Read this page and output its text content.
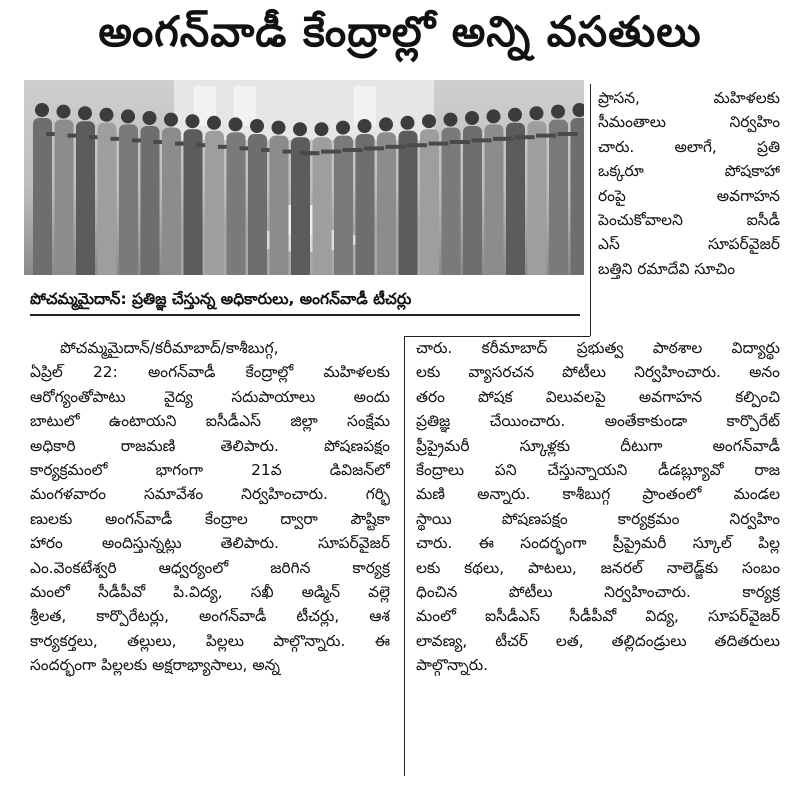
అంగన్‌వాడీ కేంద్రాల్లో అన్ని వసతులు
పోచమ్మమైదాన్: ప్రతిజ్ఞ చేస్తున్న అధికారులు, అంగన్‌వాడీ టీచర్లు
ప్రాసన, మహిళలకు
సీమంతాలు నిర్వహిం
చారు. అలాగే, ప్రతి
ఒక్కరూ పోషకాహా
రంపై అవగాహన
పెంచుకోవాలని ఐసీడీ
ఎస్ సూపర్‌వైజర్
బత్తిని రమాదేవి సూచిం
పోచమ్మమైదాన్/కరీమాబాద్/కాశీబుగ్గ,
ఏప్రిల్ 22: అంగన్‌వాడీ కేంద్రాల్లో మహిళలకు
ఆరోగ్యంతోపాటు వైద్య సదుపాయాలు అందు
బాటులో ఉంటాయని ఐసీడీఎస్ జిల్లా సంక్షేమ
అధికారి రాజమణి తెలిపారు. పోషణపక్షం
కార్యక్రమంలో భాగంగా 21వ డివిజన్‌లో
మంగళవారం సమావేశం నిర్వహించారు. గర్భి
ణులకు అంగన్‌వాడీ కేంద్రాల ద్వారా పౌష్టికా
హారం అందిస్తున్నట్లు తెలిపారు. సూపర్‌వైజర్
ఎం.వెంకటేశ్వరి ఆధ్వర్యంలో జరిగిన కార్యక్ర
మంలో సీడీపీవో పి.విద్య, సఖీ అడ్మిన్ వల్లె
శ్రీలత, కార్పొరేటర్లు, అంగన్‌వాడీ టీచర్లు, ఆశ
కార్యకర్తలు, తల్లులు, పిల్లలు పాల్గొన్నారు. ఈ
సందర్భంగా పిల్లలకు అక్షరాభ్యాసాలు, అన్న
చారు. కరీమాబాద్ ప్రభుత్వ పాఠశాల విద్యార్థు
లకు వ్యాసరచన పోటీలు నిర్వహించారు. అనం
తరం పోషక విలువలపై అవగాహన కల్పించి
ప్రతిజ్ఞ చేయించారు. అంతేకాకుండా కార్పొరేట్
ప్రీప్రైమరీ స్కూళ్లకు దీటుగా అంగన్‌వాడీ
కేంద్రాలు పని చేస్తున్నాయని డీడబ్ల్యూవో రాజ
మణి అన్నారు. కాశీబుగ్గ ప్రాంతంలో మండల
స్థాయి పోషణపక్షం కార్యక్రమం నిర్వహిం
చారు. ఈ సందర్భంగా ప్రీప్రైమరీ స్కూల్ పిల్ల
లకు కథలు, పాటలు, జనరల్ నాలెడ్జ్‌కు సంబం
ధించిన పోటీలు నిర్వహించారు. కార్యక్ర
మంలో ఐసీడీఎస్ సీడీపీవో విద్య, సూపర్‌వైజర్
లావణ్య, టీచర్ లత, తల్లిదండ్రులు తదితరులు
పాల్గొన్నారు.
